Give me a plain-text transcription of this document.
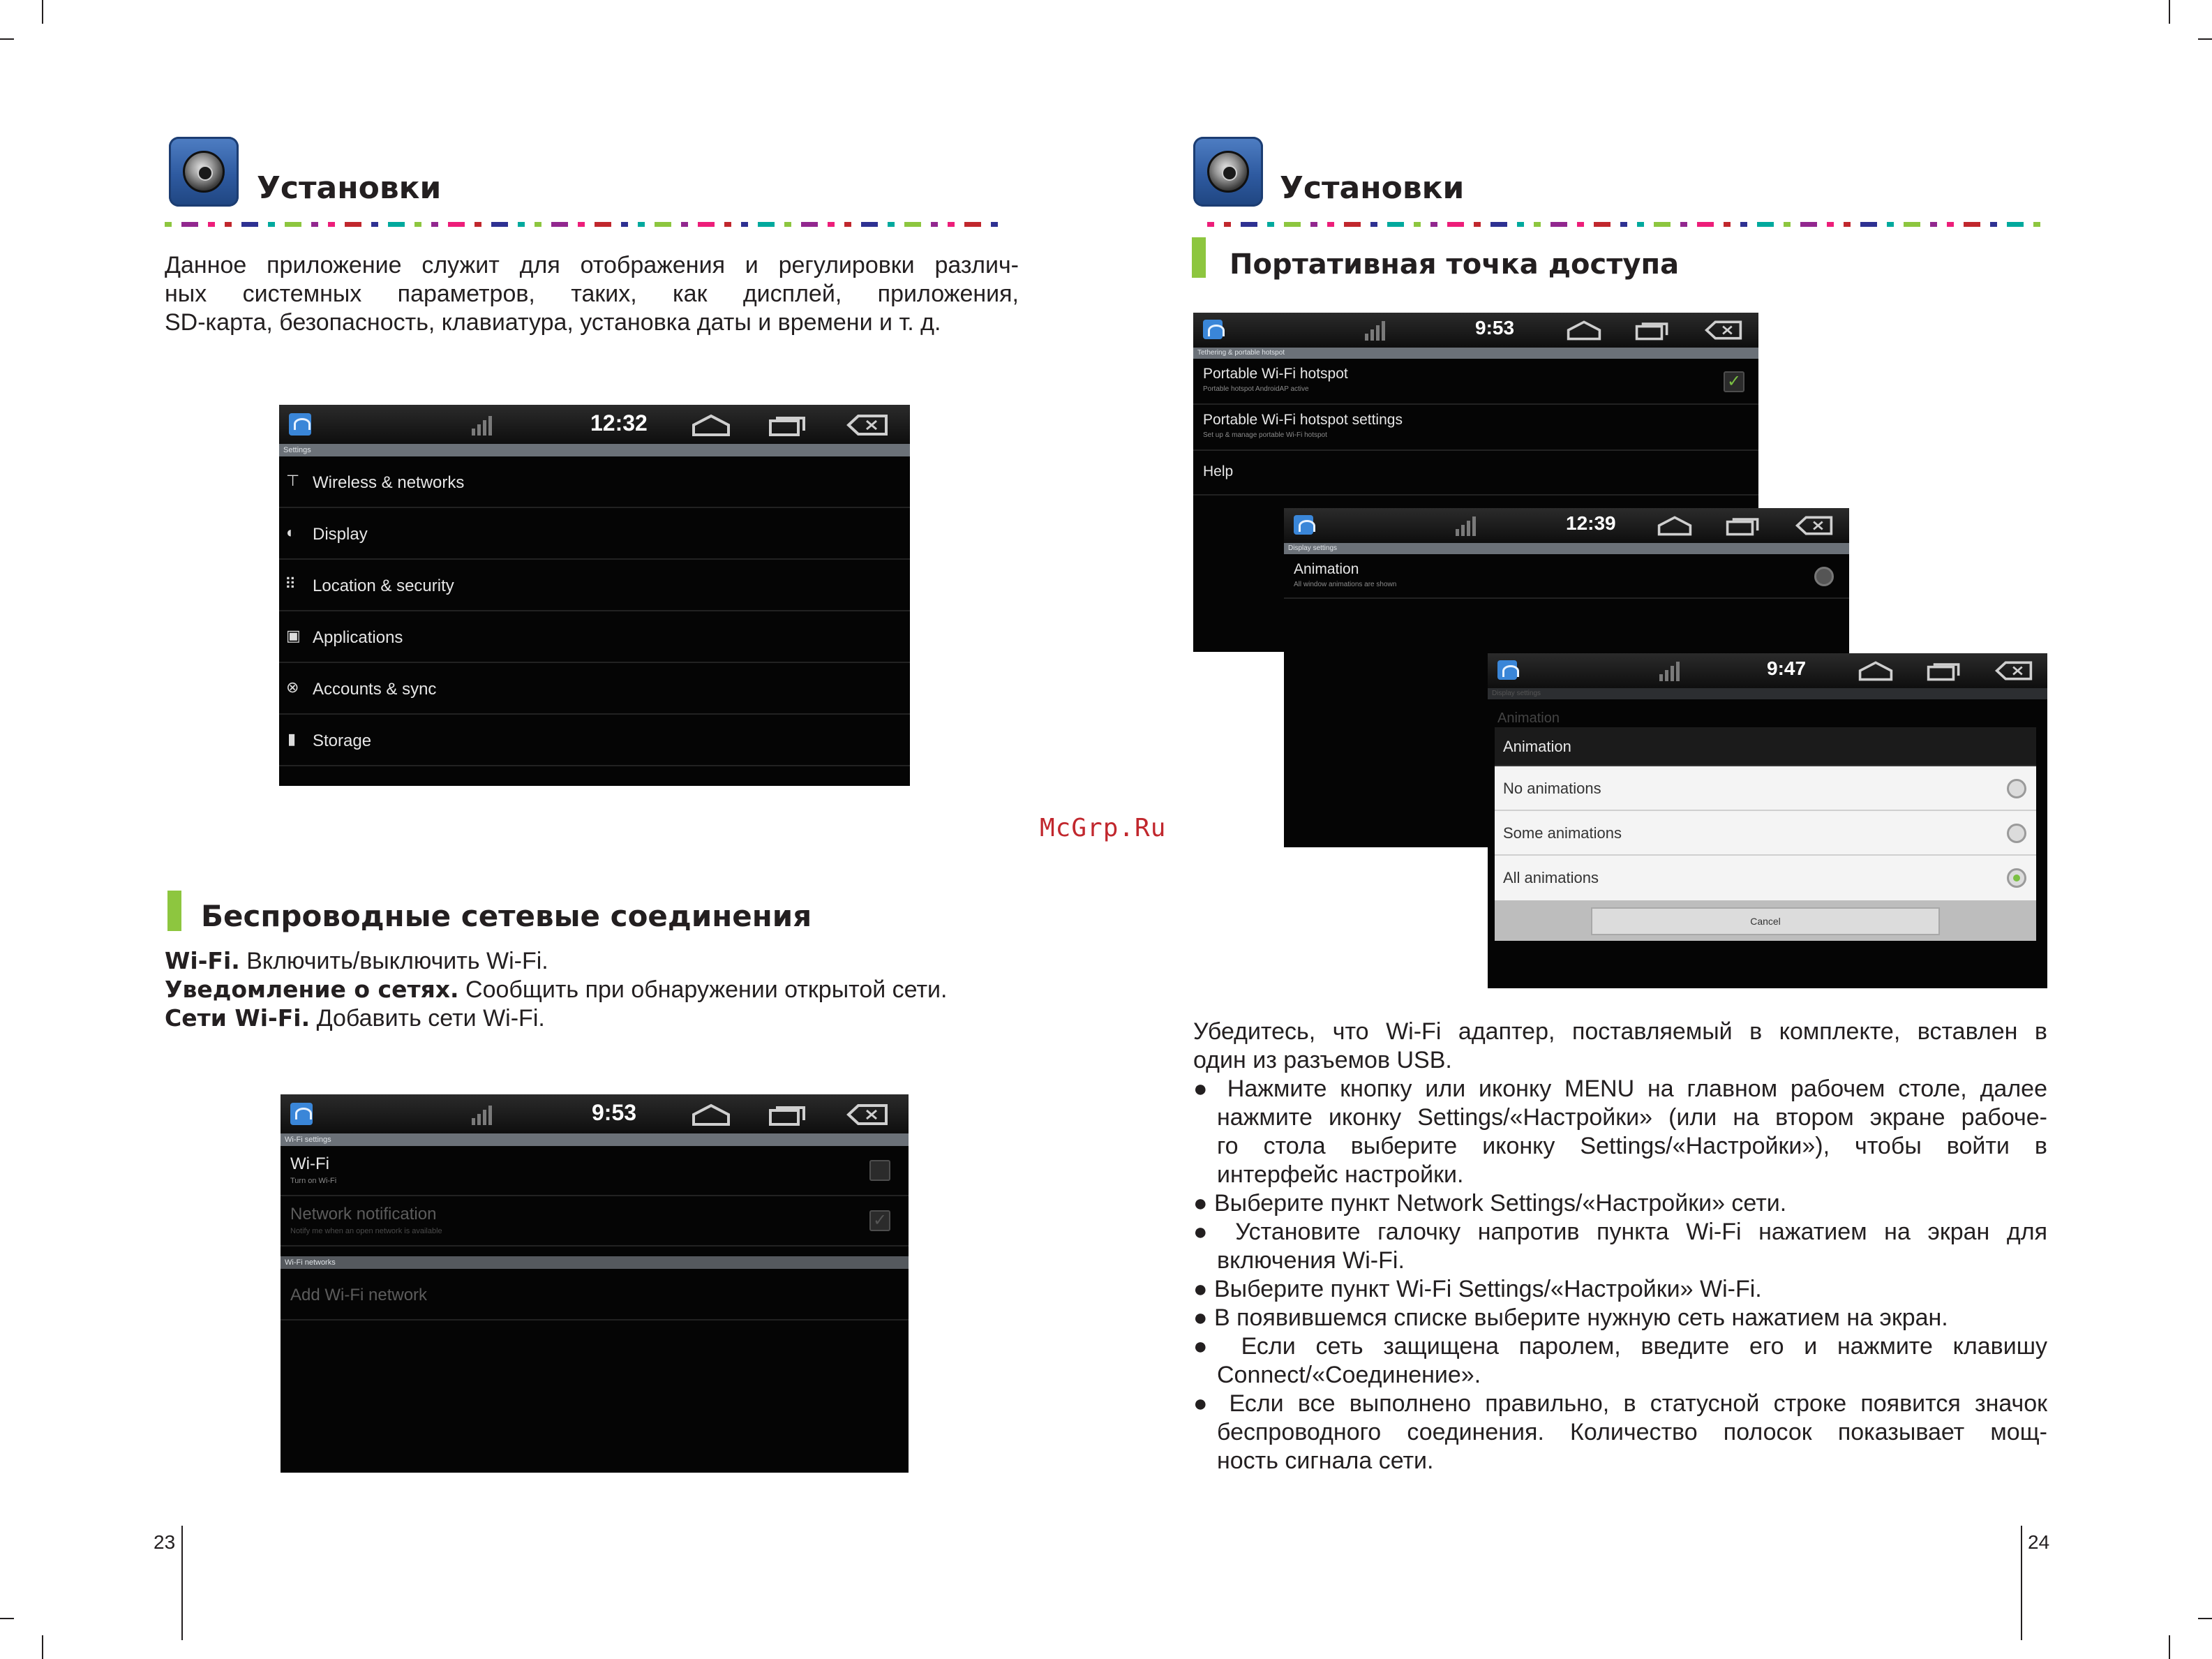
Установки
Данное приложение служит для отображения и регулировки различ-
ных системных параметров, таких, как дисплей, приложения,
SD-карта, безопасность, клавиатура, установка даты и времени и т. д.
12:32
Settings
⊤ Wireless & networks
◐ Display
⠿ Location & security
▣ Applications
⊗ Accounts & sync
▮ Storage
Беспроводные сетевые соединения
Wi-Fi. Включить/выключить Wi-Fi.
Уведомление о сетях. Сообщить при обнаружении открытой сети.
Сети Wi-Fi. Добавить сети Wi-Fi.
9:53
Wi-Fi settings
Wi-Fi
Turn on Wi-Fi
Network notification
Notify me when an open network is available
✓
Wi-Fi networks
Add Wi-Fi network
23
McGrp.Ru
Установки
Портативная точка доступа
9:53
Tethering & portable hotspot
Portable Wi-Fi hotspot
Portable hotspot AndroidAP active	✓
Portable Wi-Fi hotspot settings
Set up & manage portable Wi-Fi hotspot
Help
12:39
Display settings
Animation
All window animations are shown
9:47
Display settings
Animation
Animation
No animations
Some animations
All animations
Cancel
Убедитесь, что Wi-Fi адаптер, поставляемый в комплекте, вставлен в
один из разъемов USB.
● Нажмите кнопку или иконку MENU на главном рабочем столе, далее
нажмите иконку Settings/«Настройки» (или на втором экране рабоче-
го стола выберите иконку Settings/«Настройки»), чтобы войти в
интерфейс настройки.
● Выберите пункт Network Settings/«Настройки» сети.
● Установите галочку напротив пункта Wi-Fi нажатием на экран для
включения Wi-Fi.
● Выберите пункт Wi-Fi Settings/«Настройки» Wi-Fi.
● В появившемся списке выберите нужную сеть нажатием на экран.
● Если сеть защищена паролем, введите его и нажмите клавишу
Connect/«Соединение».
● Если все выполнено правильно, в статусной строке появится значок
беспроводного соединения. Количество полосок показывает мощ-
ность сигнала сети.
24
